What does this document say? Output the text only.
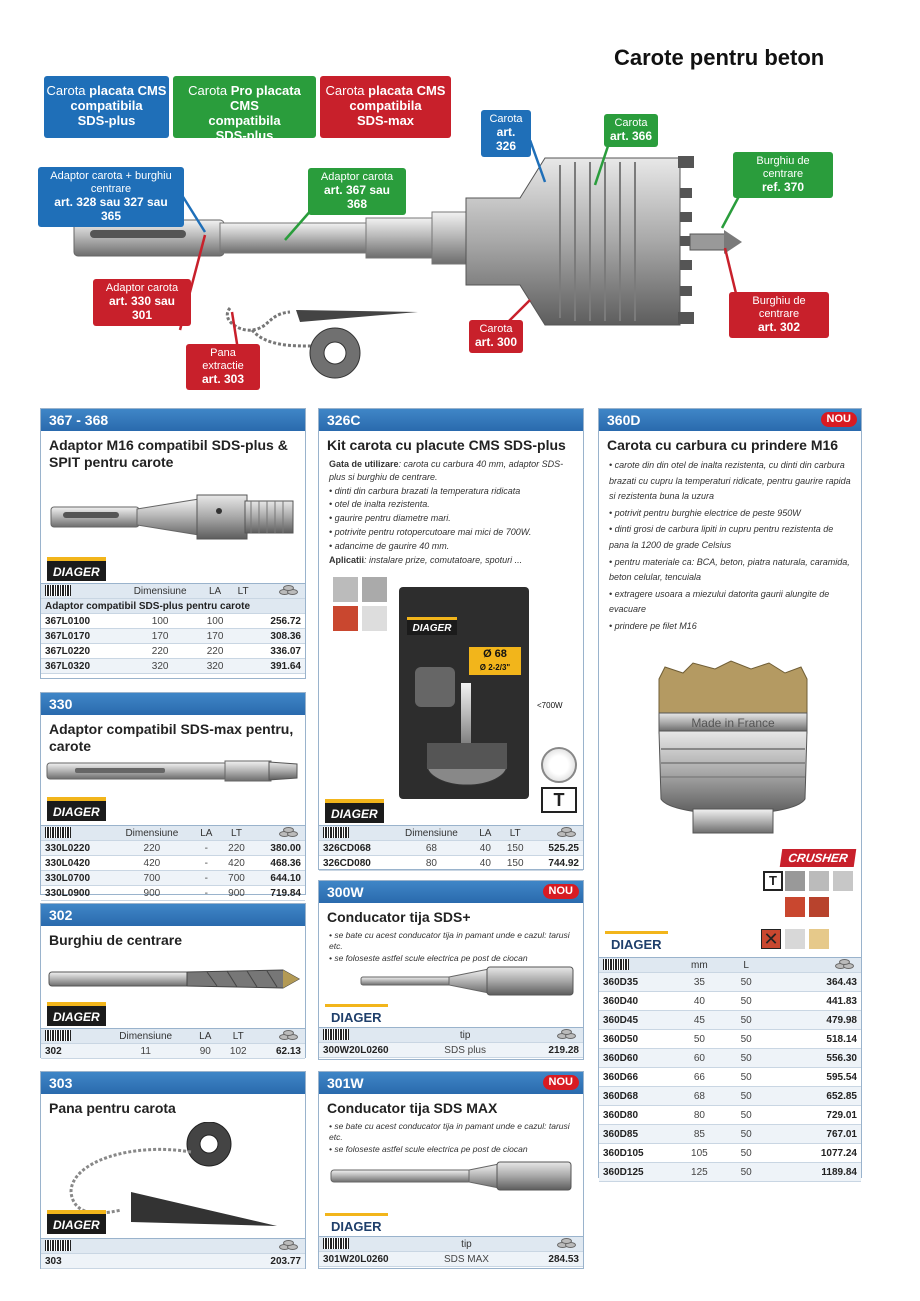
Carote pentru beton
Carota placata CMS
compatibila
SDS-plus
Carota Pro placata CMS
compatibila
SDS-plus
Carota placata CMS
compatibila
SDS-max	Carota
art. 326
Carota
art. 366
Burghiu de centrare
ref. 370
Adaptor carota + burghiu centrare
art. 328 sau 327 sau 365
Adaptor carota
art. 367 sau 368
Adaptor carota
art. 330 sau 301
Burghiu de centrare
art. 302
Carota
art. 300
Pana extractie
art. 303
367 - 368
Adaptor M16 compatibil SDS-plus & SPIT pentru carote
DIAGER
	Dimensiune	LA	LT	

Adaptor compatibil SDS-plus pentru carote				
367L0100	100	100		256.72
367L0170	170	170		308.36
367L0220	220	220		336.07
367L0320	320	320		391.64
330
Adaptor compatibil SDS-max pentru, carote
DIAGER
	Dimensiune	LA	LT	

330L0220	220	-	220	380.00
330L0420	420	-	420	468.36
330L0700	700	-	700	644.10
330L0900	900	-	900	719.84
302
Burghiu de centrare
DIAGER
	Dimensiune	LA	LT	

302	11	90	102	62.13
303
Pana pentru carota
DIAGER

303	203.77
326C
Kit carota cu placute CMS SDS-plus
Gata de utilizare: carota cu carbura 40 mm, adaptor SDS-plus si burghiu de centrare.
• dinti din carbura brazati la temperatura ridicata
• otel de inalta rezistenta.
• gaurire pentru diametre mari.
• potrivite pentru rotopercutoare mai mici de 700W.
• adancime de gaurire 40 mm.
Aplicatii: instalare prize, comutatoare, spoturi ...
DIAGER
Ø 68
Ø 2-2/3"
<700W
T
DIAGER
	Dimensiune	LA	LT	

326CD068	68	40	150	525.25
326CD080	80	40	150	744.92
300W	NOU
Conducator tija SDS+
• se bate cu acest conducator tija in pamant unde e cazul: tarusi etc.
• se foloseste astfel scule electrica pe post de ciocan
DIAGER
	tip	

300W20L0260	SDS plus	219.28
301W	NOU
Conducator tija SDS MAX
• se bate cu acest conducator tija in pamant unde e cazul: tarusi etc.
• se foloseste astfel scule electrica pe post de ciocan
DIAGER
	tip	

301W20L0260	SDS MAX	284.53
360D	NOU
Carota cu carbura cu prindere M16
• carote din din otel de inalta rezistenta, cu dinti din carbura brazati cu cupru la temperaturi ridicate, pentru gaurire rapida si rezistenta buna la uzura
• potrivit pentru burghie electrice de peste 950W
• dinti grosi de carbura lipiti in cupru pentru rezistenta de pana la 1200 de grade Celsius
• pentru materiale ca: BCA, beton, piatra naturala, caramida, beton celular, tencuiala
• extragere usoara a miezului datorita gaurii alungite de evacuare
• prindere pe filet M16
Made in France
CRUSHER
T
✕
DIAGER
	mm	L	

360D35	35	50	364.43
360D40	40	50	441.83
360D45	45	50	479.98
360D50	50	50	518.14
360D60	60	50	556.30
360D66	66	50	595.54
360D68	68	50	652.85
360D80	80	50	729.01
360D85	85	50	767.01
360D105	105	50	1077.24
360D125	125	50	1189.84
